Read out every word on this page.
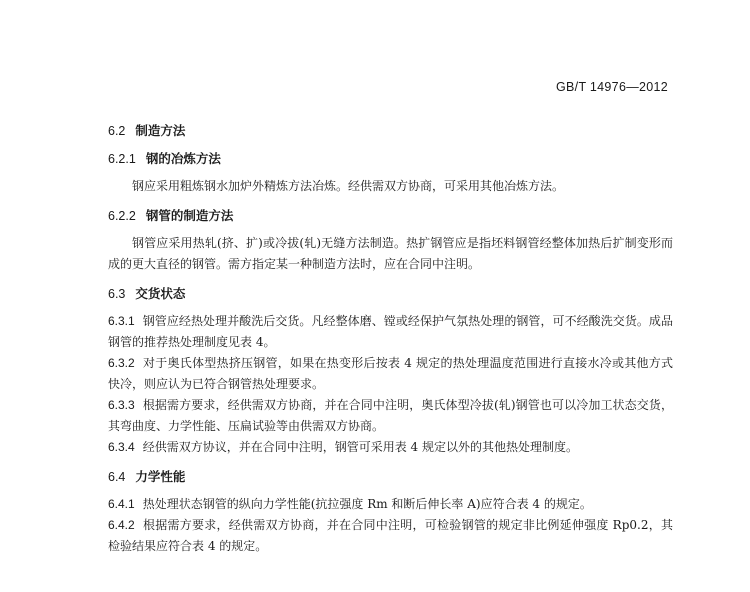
GB/T 14976—2012
6.2 制造方法
6.2.1 钢的冶炼方法
钢应采用粗炼钢水加炉外精炼方法冶炼。经供需双方协商，可采用其他冶炼方法。
6.2.2 钢管的制造方法
钢管应采用热轧(挤、扩)或冷拔(轧)无缝方法制造。热扩钢管应是指坯料钢管经整体加热后扩制变形而成的更大直径的钢管。需方指定某一种制造方法时，应在合同中注明。
6.3 交货状态
6.3.1 钢管应经热处理并酸洗后交货。凡经整体磨、镗或经保护气氛热处理的钢管，可不经酸洗交货。成品钢管的推荐热处理制度见表 4。
6.3.2 对于奥氏体型热挤压钢管，如果在热变形后按表 4 规定的热处理温度范围进行直接水冷或其他方式快冷，则应认为已符合钢管热处理要求。
6.3.3 根据需方要求，经供需双方协商，并在合同中注明，奥氏体型冷拔(轧)钢管也可以冷加工状态交货，其弯曲度、力学性能、压扁试验等由供需双方协商。
6.3.4 经供需双方协议，并在合同中注明，钢管可采用表 4 规定以外的其他热处理制度。
6.4 力学性能
6.4.1 热处理状态钢管的纵向力学性能(抗拉强度 Rm 和断后伸长率 A)应符合表 4 的规定。
6.4.2 根据需方要求，经供需双方协商，并在合同中注明，可检验钢管的规定非比例延伸强度 Rp0.2，其检验结果应符合表 4 的规定。
